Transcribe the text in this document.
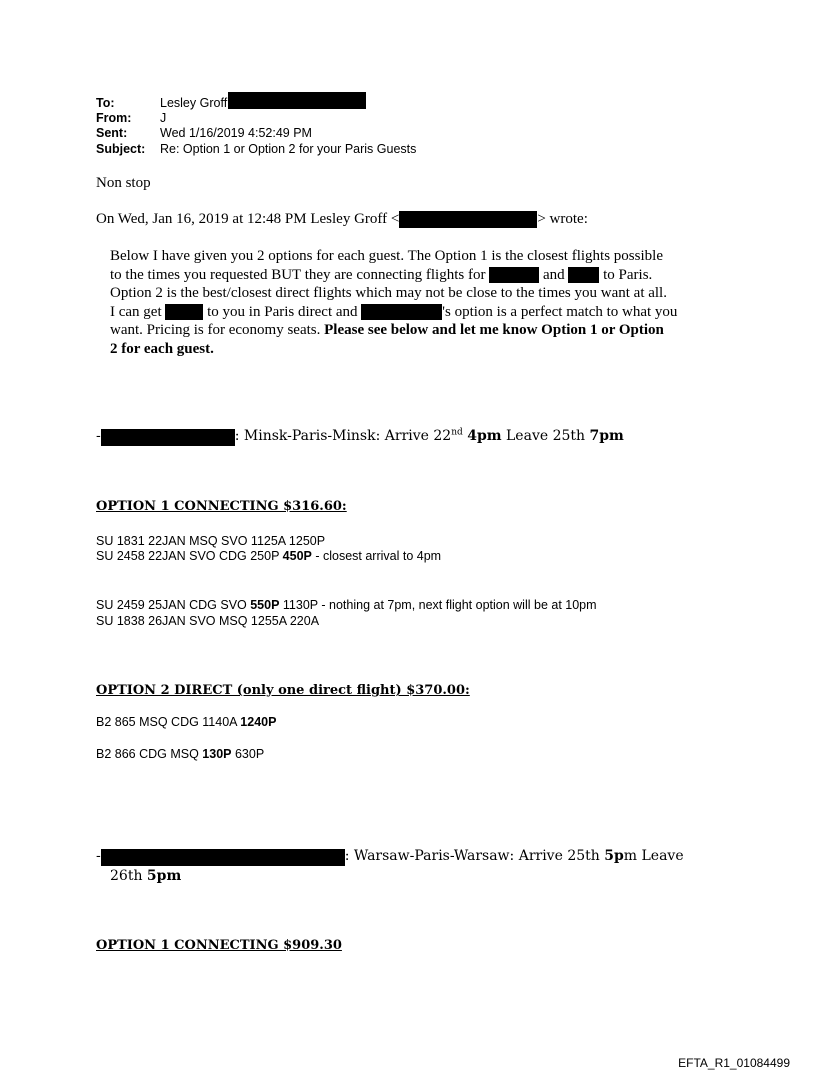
To:	Lesley Groff
From: J
Sent:	Wed 1/16/2019 4:52:49 PM
Subject: Re: Option 1 or Option 2 for your Paris Guests
Non stop
On Wed, Jan 16, 2019 at 12:48 PM Lesley Groff <	> wrote:
Below I have given you 2 options for each guest. The Option 1 is the closest flights possible
to the times you requested BUT they are connecting flights for	and	to Paris.
Option 2 is the best/closest direct flights which may not be close to the times you want at all.
I can get	to you in Paris direct and	's option is a perfect match to what you
want. Pricing is for economy seats. Please see below and let me know Option 1 or Option
2 for each guest.
-	: Minsk-Paris-Minsk: Arrive 22nd 4pm Leave 25th 7pm
OPTION 1 CONNECTING $316.60:
SU 1831 22JAN MSQ SVO 1125A 1250P
SU 2458 22JAN SVO CDG 250P 450P - closest arrival to 4pm
SU 2459 25JAN CDG SVO 550P 1130P - nothing at 7pm, next flight option will be at 10pm
SU 1838 26JAN SVO MSQ 1255A 220A
OPTION 2 DIRECT (only one direct flight) $370.00:
B2 865 MSQ CDG 1140A 1240P
B2 866 CDG MSQ 130P 630P
-	: Warsaw-Paris-Warsaw: Arrive 25th 5pm Leave
26th 5pm
OPTION 1 CONNECTING $909.30
EFTA_R1_01084499
